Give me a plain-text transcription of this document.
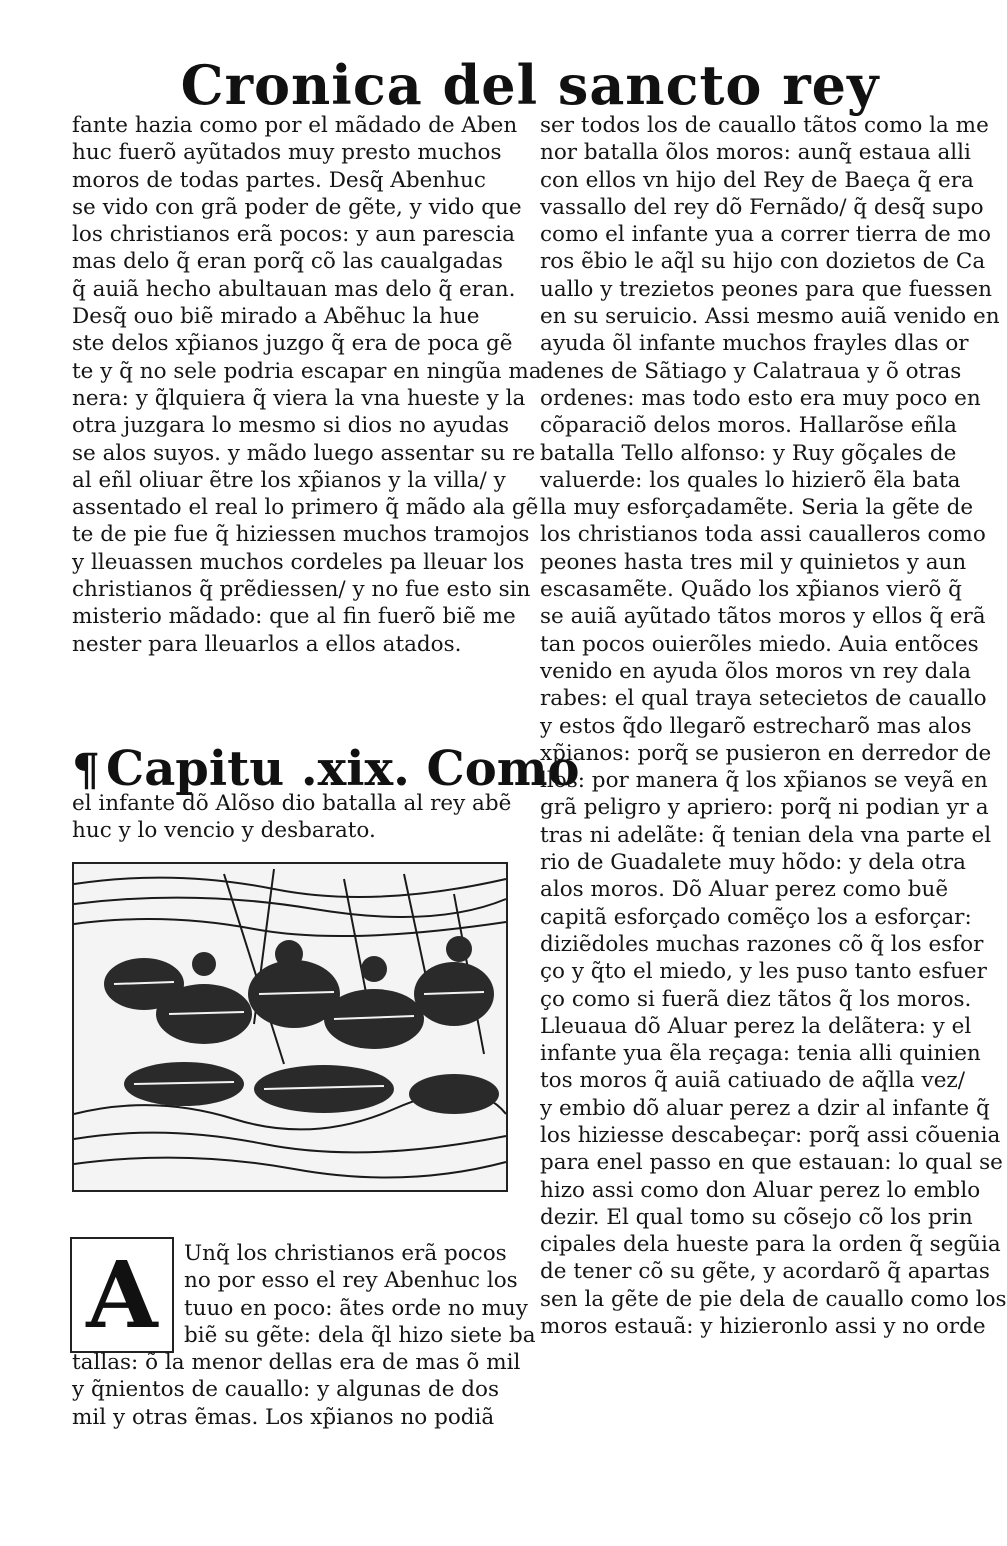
Cronica del sancto rey
fante hazia como por el mãdado de Aben
huc fuerõ ayũtados muy presto muchos
moros de todas partes. Desq̃ Abenhuc
se vido con grã poder de gẽte, y vido que
los christianos erã pocos: y aun parescia
mas delo q̃ eran porq̃ cõ las caualgadas
q̃ auiã hecho abultauan mas delo q̃ eran.
Desq̃ ouo biẽ mirado a Abẽhuc la hue
ste delos xp̃ianos juzgo q̃ era de poca gẽ
te y q̃ no sele podria escapar en ningũa ma
nera: y q̃lquiera q̃ viera la vna hueste y la
otra juzgara lo mesmo si dios no ayudas
se alos suyos. y mãdo luego assentar su re
al eñl oliuar ẽtre los xp̃ianos y la villa/ y
assentado el real lo primero q̃ mãdo ala gẽ
te de pie fue q̃ hiziessen muchos tramojos
y lleuassen muchos cordeles pa lleuar los
christianos q̃ prẽdiessen/ y no fue esto sin
misterio mãdado: que al fin fuerõ biẽ me
nester para lleuarlos a ellos atados.
¶ Capitu .xix. Como
el infante dõ Alõso dio batalla al rey abẽ
huc y lo vencio y desbarato.
A	Unq̃ los christianos erã pocos
no por esso el rey Abenhuc los
tuuo en poco: ãtes orde no muy
biẽ su gẽte: dela q̃l hizo siete ba
tallas: õ la menor dellas era de mas õ mil
y q̃nientos de cauallo: y algunas de dos
mil y otras ẽmas. Los xp̃ianos no podiã
ser todos los de cauallo tãtos como la me
nor batalla õlos moros: aunq̃ estaua alli
con ellos vn hijo del Rey de Baeça q̃ era
vassallo del rey dõ Fernãdo/ q̃ desq̃ supo
como el infante yua a correr tierra de mo
ros ẽbio le aq̃l su hijo con dozietos de Ca
uallo y trezietos peones para que fuessen
en su seruicio. Assi mesmo auiã venido en
ayuda õl infante muchos frayles dlas or
denes de Sãtiago y Calatraua y õ otras
ordenes: mas todo esto era muy poco en
cõparaciõ delos moros. Hallarõse eñla
batalla Tello alfonso: y Ruy gõçales de
valuerde: los quales lo hizierõ ẽla bata
lla muy esforçadamẽte. Seria la gẽte de
los christianos toda assi caualleros como
peones hasta tres mil y quinietos y aun
escasamẽte. Quãdo los xp̃ianos vierõ q̃
se auiã ayũtado tãtos moros y ellos q̃ erã
tan pocos ouierõles miedo. Auia entõces
venido en ayuda õlos moros vn rey dala
rabes: el qual traya setecietos de cauallo
y estos q̃do llegarõ estrecharõ mas alos
xp̃ianos: porq̃ se pusieron en derredor de
llos: por manera q̃ los xp̃ianos se veyã en
grã peligro y apriero: porq̃ ni podian yr a
tras ni adelãte: q̃ tenian dela vna parte el
rio de Guadalete muy hõdo: y dela otra
alos moros. Dõ Aluar perez como buẽ
capitã esforçado comẽço los a esforçar:
diziẽdoles muchas razones cõ q̃ los esfor
ço y q̃to el miedo, y les puso tanto esfuer
ço como si fuerã diez tãtos q̃ los moros.
Lleuaua dõ Aluar perez la delãtera: y el
infante yua ẽla reçaga: tenia alli quinien
tos moros q̃ auiã catiuado de aq̃lla vez/
y embio dõ aluar perez a dzir al infante q̃
los hiziesse descabeçar: porq̃ assi cõuenia
para enel passo en que estauan: lo qual se
hizo assi como don Aluar perez lo emblo
dezir. El qual tomo su cõsejo cõ los prin
cipales dela hueste para la orden q̃ segũia
de tener cõ su gẽte, y acordarõ q̃ apartas
sen la gẽte de pie dela de cauallo como los
moros estauã: y hizieronlo assi y no orde
